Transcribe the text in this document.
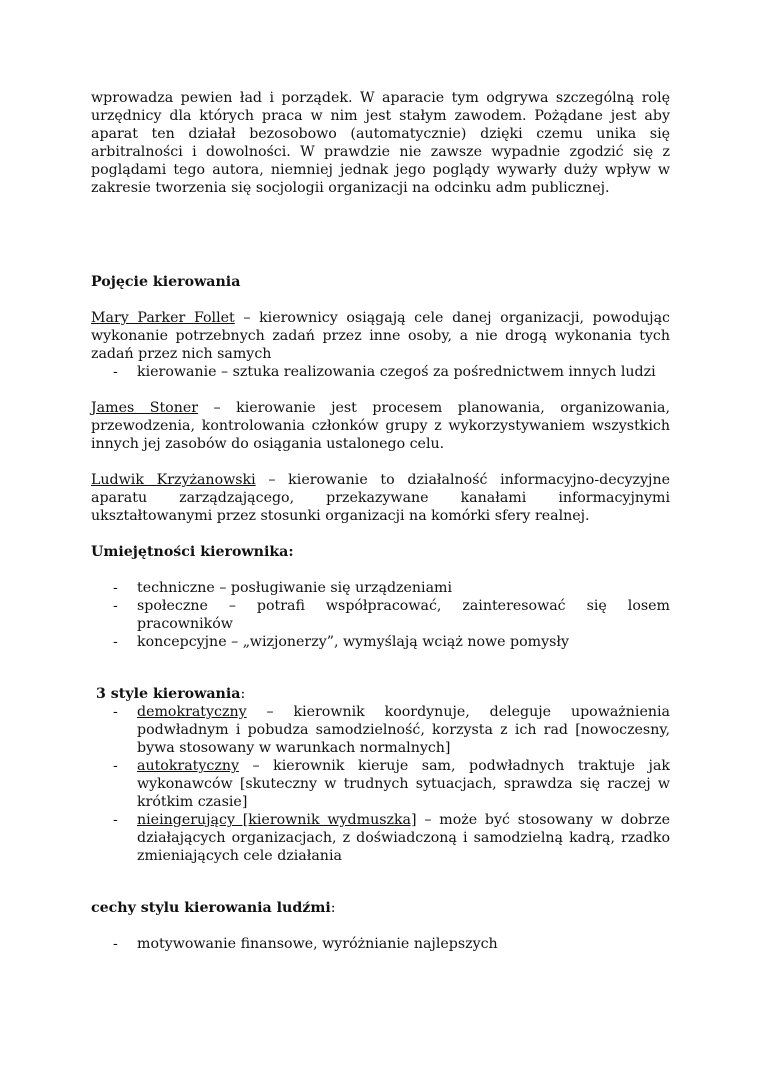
wprowadza pewien ład i porządek. W aparacie tym odgrywa szczególną rolę urzędnicy dla których praca w nim jest stałym zawodem. Pożądane jest aby aparat ten działał bezosobowo (automatycznie) dzięki czemu unika się arbitralności i dowolności. W prawdzie nie zawsze wypadnie zgodzić się z poglądami tego autora, niemniej jednak jego poglądy wywarły duży wpływ w zakresie tworzenia się socjologii organizacji na odcinku adm publicznej.

Pojęcie kierowania

Mary Parker Follet – kierownicy osiągają cele danej organizacji, powodując wykonanie potrzebnych zadań przez inne osoby, a nie drogą wykonania tych zadań przez nich samych

- kierowanie – sztuka realizowania czegoś za pośrednictwem innych ludzi

James Stoner – kierowanie jest procesem planowania, organizowania, przewodzenia, kontrolowania członków grupy z wykorzystywaniem wszystkich innych jej zasobów do osiągania ustalonego celu.

Ludwik Krzyżanowski – kierowanie to działalność informacyjno-decyzyjne aparatu zarządzającego, przekazywane kanałami informacyjnymi ukształtowanymi przez stosunki organizacji na komórki sfery realnej.

Umiejętności kierownika:

- techniczne – posługiwanie się urządzeniami
- społeczne – potrafi współpracować, zainteresować się losem pracowników
- koncepcyjne – „wizjonerzy”, wymyślają wciąż nowe pomysły

3 style kierowania:

- demokratyczny – kierownik koordynuje, deleguje upoważnienia podwładnym i pobudza samodzielność, korzysta z ich rad [nowoczesny, bywa stosowany w warunkach normalnych]
- autokratyczny – kierownik kieruje sam, podwładnych traktuje jak wykonawców [skuteczny w trudnych sytuacjach, sprawdza się raczej w krótkim czasie]
- nieingerujący [kierownik wydmuszka] – może być stosowany w dobrze działających organizacjach, z doświadczoną i samodzielną kadrą, rzadko zmieniających cele działania

cechy stylu kierowania ludźmi:

- motywowanie finansowe, wyróżnianie najlepszych
